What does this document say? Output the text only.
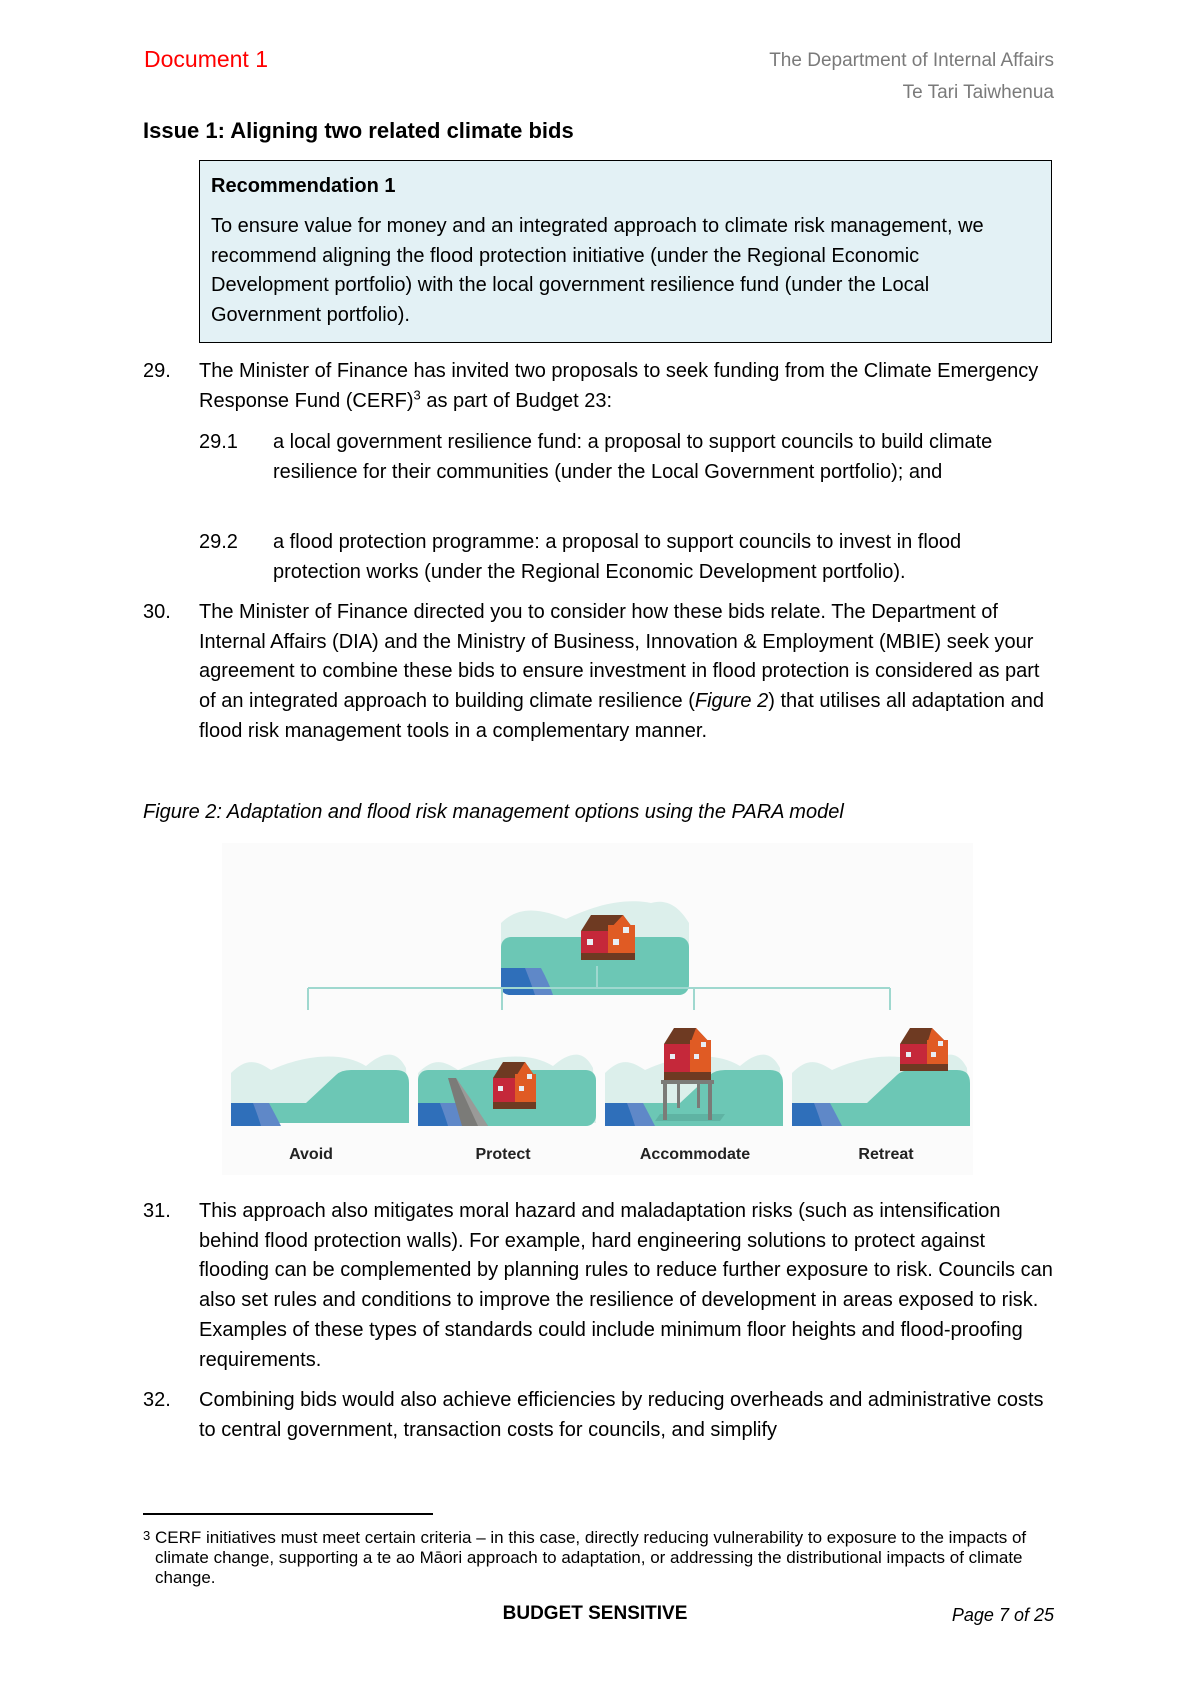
Document 1	The Department of Internal Affairs
Te Tari Taiwhenua
Issue 1: Aligning two related climate bids
Recommendation 1
To ensure value for money and an integrated approach to climate risk management, we recommend aligning the flood protection initiative (under the Regional Economic Development portfolio) with the local government resilience fund (under the Local Government portfolio).
29. The Minister of Finance has invited two proposals to seek funding from the Climate Emergency Response Fund (CERF)$^3$ as part of Budget 23:
29.1 a local government resilience fund: a proposal to support councils to build climate resilience for their communities (under the Local Government portfolio); and
29.2 a flood protection programme: a proposal to support councils to invest in flood protection works (under the Regional Economic Development portfolio).
30. The Minister of Finance directed you to consider how these bids relate. The Department of Internal Affairs (DIA) and the Ministry of Business, Innovation & Employment (MBIE) seek your agreement to combine these bids to ensure investment in flood protection is considered as part of an integrated approach to building climate resilience (Figure 2) that utilises all adaptation and flood risk management tools in a complementary manner.
Figure 2: Adaptation and flood risk management options using the PARA model
Avoid	Protect	Accommodate	Retreat
31. This approach also mitigates moral hazard and maladaptation risks (such as intensification behind flood protection walls). For example, hard engineering solutions to protect against flooding can be complemented by planning rules to reduce further exposure to risk. Councils can also set rules and conditions to improve the resilience of development in areas exposed to risk. Examples of these types of standards could include minimum floor heights and flood-proofing requirements.
32. Combining bids would also achieve efficiencies by reducing overheads and administrative costs to central government, transaction costs for councils, and simplify
3 CERF initiatives must meet certain criteria – in this case, directly reducing vulnerability to exposure to the impacts of climate change, supporting a te ao Māori approach to adaptation, or addressing the distributional impacts of climate change.
BUDGET SENSITIVE	Page 7 of 25
